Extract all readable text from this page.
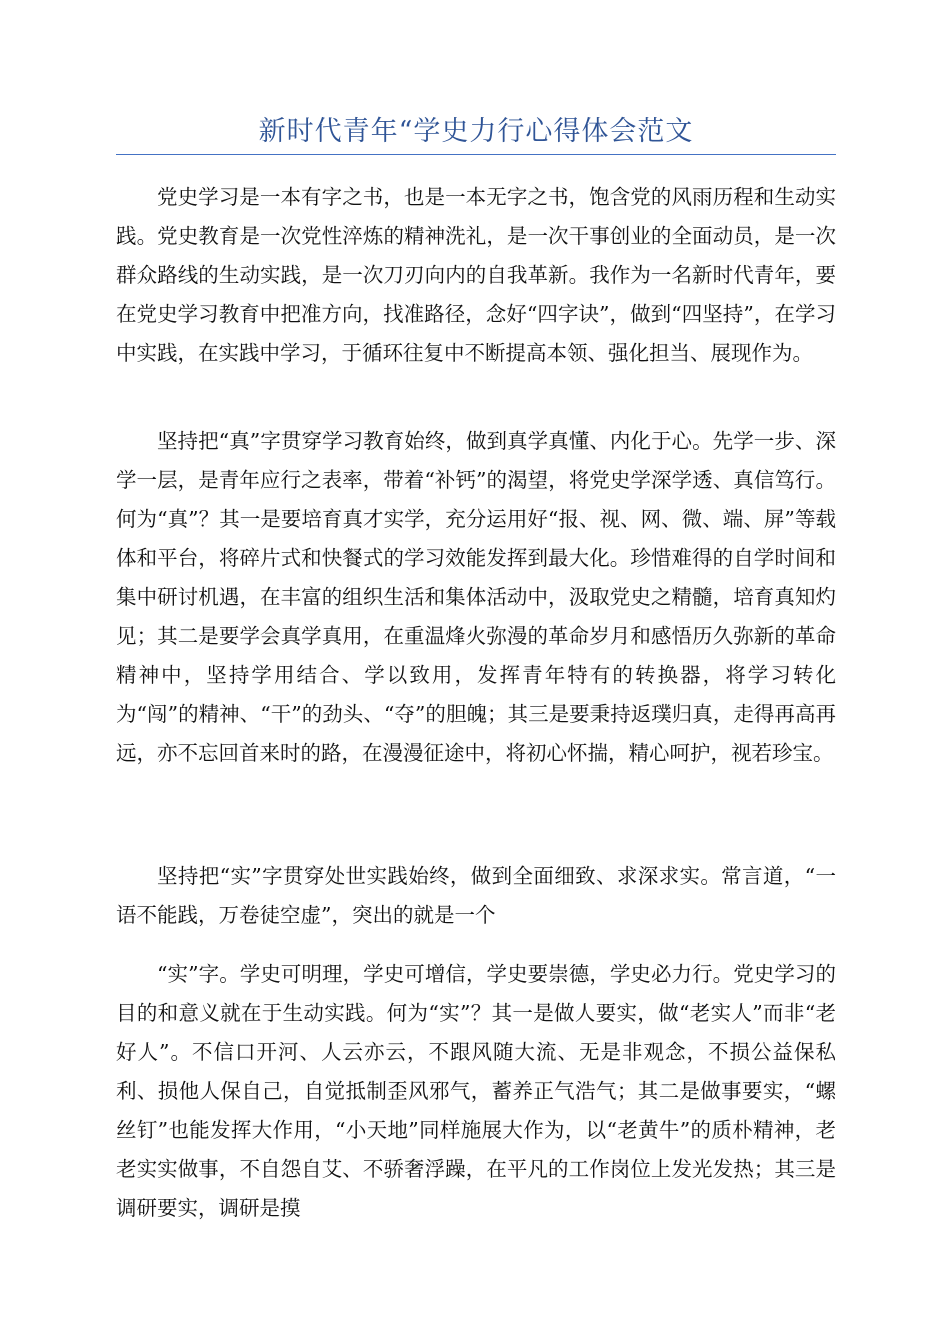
新时代青年“学史力行心得体会范文

党史学习是一本有字之书，也是一本无字之书，饱含党的风雨历程和生动实践。党史教育是一次党性淬炼的精神洗礼，是一次干事创业的全面动员，是一次群众路线的生动实践，是一次刀刃向内的自我革新。我作为一名新时代青年，要在党史学习教育中把准方向，找准路径，念好“四字诀”，做到“四坚持”，在学习中实践，在实践中学习，于循环往复中不断提高本领、强化担当、展现作为。

坚持把“真”字贯穿学习教育始终，做到真学真懂、内化于心。先学一步、深学一层，是青年应行之表率，带着“补钙”的渴望，将党史学深学透、真信笃行。何为“真”？其一是要培育真才实学，充分运用好“报、视、网、微、端、屏”等载体和平台，将碎片式和快餐式的学习效能发挥到最大化。珍惜难得的自学时间和集中研讨机遇，在丰富的组织生活和集体活动中，汲取党史之精髓，培育真知灼见；其二是要学会真学真用，在重温烽火弥漫的革命岁月和感悟历久弥新的革命精神中，坚持学用结合、学以致用，发挥青年特有的转换器，将学习转化为“闯”的精神、“干”的劲头、“夺”的胆魄；其三是要秉持返璞归真，走得再高再远，亦不忘回首来时的路，在漫漫征途中，将初心怀揣，精心呵护，视若珍宝。

坚持把“实”字贯穿处世实践始终，做到全面细致、求深求实。常言道，“一语不能践，万卷徒空虚”，突出的就是一个

“实”字。学史可明理，学史可增信，学史要崇德，学史必力行。党史学习的目的和意义就在于生动实践。何为“实”？其一是做人要实，做“老实人”而非“老好人”。不信口开河、人云亦云，不跟风随大流、无是非观念，不损公益保私利、损他人保自己，自觉抵制歪风邪气，蓄养正气浩气；其二是做事要实，“螺丝钉”也能发挥大作用，“小天地”同样施展大作为，以“老黄牛”的质朴精神，老老实实做事，不自怨自艾、不骄奢浮躁，在平凡的工作岗位上发光发热；其三是调研要实，调研是摸
